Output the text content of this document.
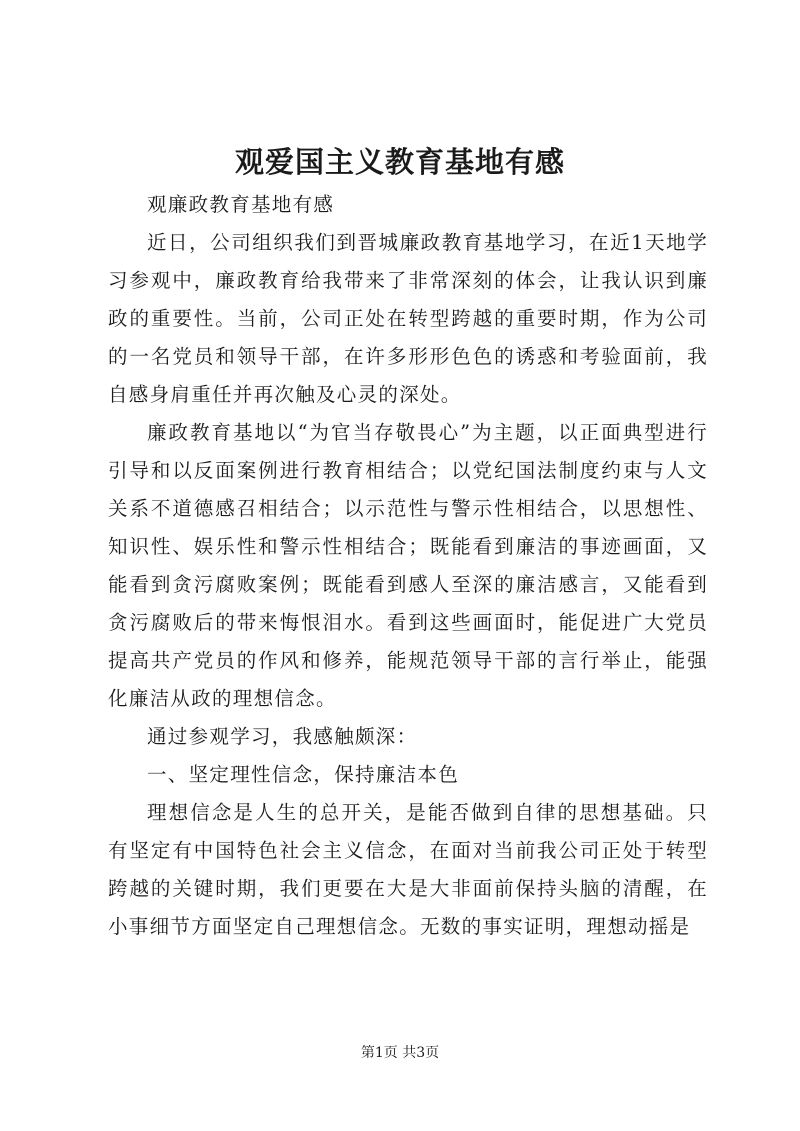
观爱国主义教育基地有感

观廉政教育基地有感

近日，公司组织我们到晋城廉政教育基地学习，在近1天地学习参观中，廉政教育给我带来了非常深刻的体会，让我认识到廉政的重要性。当前，公司正处在转型跨越的重要时期，作为公司的一名党员和领导干部，在许多形形色色的诱惑和考验面前，我自感身肩重任并再次触及心灵的深处。

廉政教育基地以“为官当存敬畏心”为主题，以正面典型进行引导和以反面案例进行教育相结合；以党纪国法制度约束与人文关系不道德感召相结合；以示范性与警示性相结合，以思想性、知识性、娱乐性和警示性相结合；既能看到廉洁的事迹画面，又能看到贪污腐败案例；既能看到感人至深的廉洁感言，又能看到贪污腐败后的带来悔恨泪水。看到这些画面时，能促进广大党员提高共产党员的作风和修养，能规范领导干部的言行举止，能强化廉洁从政的理想信念。

通过参观学习，我感触颇深：

一、坚定理性信念，保持廉洁本色

理想信念是人生的总开关，是能否做到自律的思想基础。只有坚定有中国特色社会主义信念，在面对当前我公司正处于转型跨越的关键时期，我们更要在大是大非面前保持头脑的清醒，在小事细节方面坚定自己理想信念。无数的事实证明，理想动摇是

第1页 共3页
